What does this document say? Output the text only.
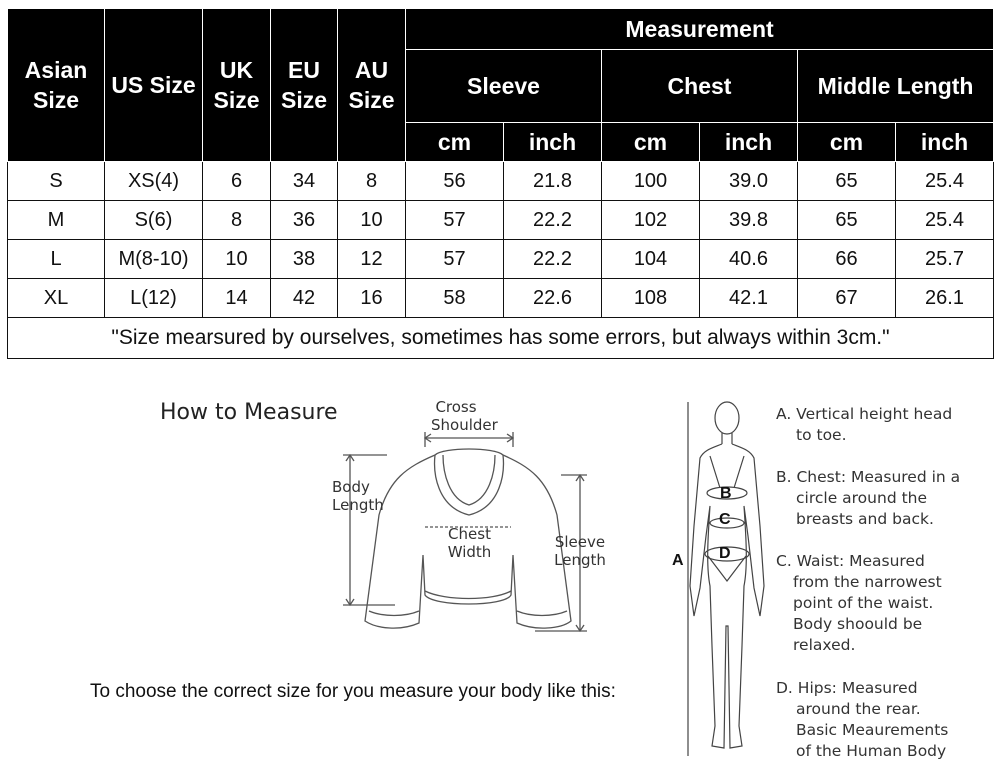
Asian Size	US Size	UK Size	EU Size	AU Size	Measurement					
					Sleeve		Chest		Middle Length	
					cm	inch	cm	inch	cm	inch
S	XS(4)	6	34	8	56	21.8	100	39.0	65	25.4
M	S(6)	8	36	10	57	22.2	102	39.8	65	25.4
L	M(8-10)	10	38	12	57	22.2	104	40.6	66	25.7
XL	L(12)	14	42	16	58	22.6	108	42.1	67	26.1
"Size mearsured by ourselves, sometimes has some errors, but always within 3cm."										
How to Measure	Cross Shoulder
Body Length
Chest Width
Sleeve Length
To choose the correct size for you measure your body like this:
A
B
C
D
A. Vertical height head
to toe.
B. Chest: Measured in a
circle around the
breasts and back.
C. Waist: Measured
from the narrowest
point of the waist.
Body shoould be
relaxed.
D. Hips: Measured
around the rear.
Basic Meaurements
of the Human Body
